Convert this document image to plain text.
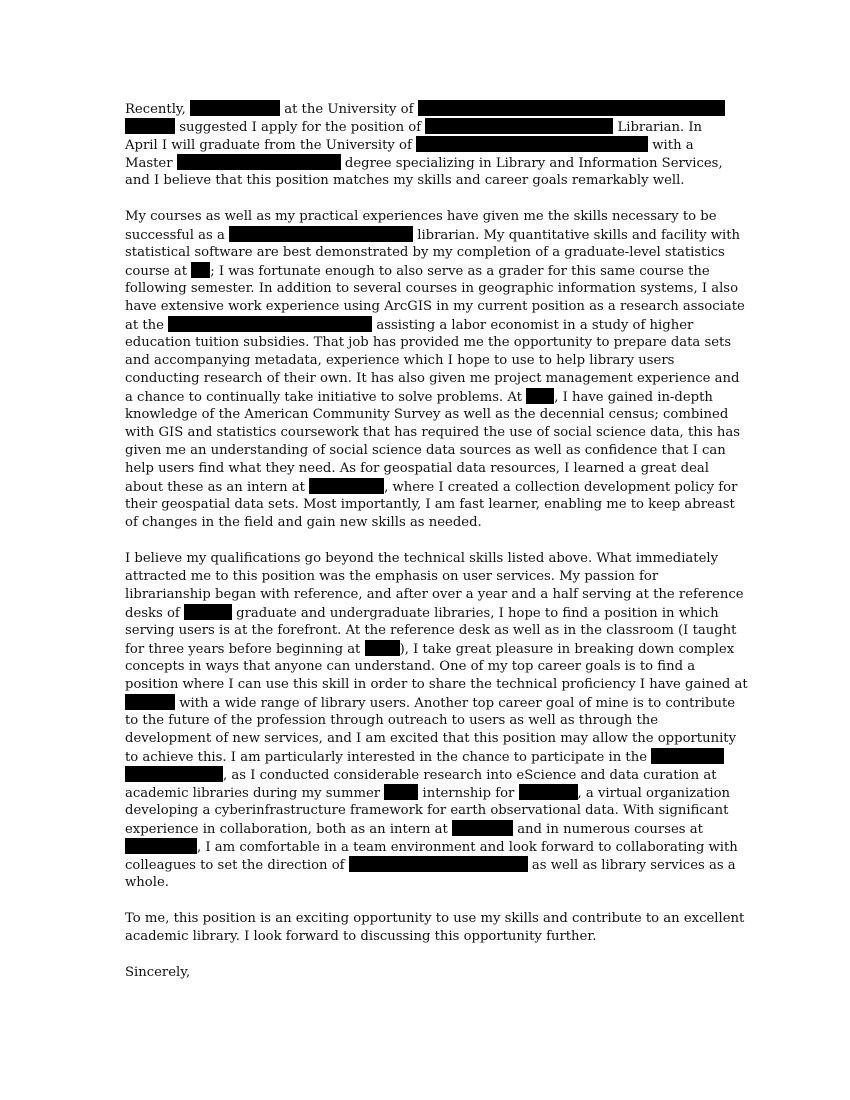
Recently,	at the University of
suggested I apply for the position of	Librarian. In
April I will graduate from the University of	with a
Master	degree specializing in Library and Information Services,
and I believe that this position matches my skills and career goals remarkably well.
My courses as well as my practical experiences have given me the skills necessary to be
successful as a	librarian. My quantitative skills and facility with
statistical software are best demonstrated by my completion of a graduate-level statistics
course at ; I was fortunate enough to also serve as a grader for this same course the
following semester. In addition to several courses in geographic information systems, I also
have extensive work experience using ArcGIS in my current position as a research associate
at the	assisting a labor economist in a study of higher
education tuition subsidies. That job has provided me the opportunity to prepare data sets
and accompanying metadata, experience which I hope to use to help library users
conducting research of their own. It has also given me project management experience and
a chance to continually take initiative to solve problems. At , I have gained in-depth
knowledge of the American Community Survey as well as the decennial census; combined
with GIS and statistics coursework that has required the use of social science data, this has
given me an understanding of social science data sources as well as confidence that I can
help users find what they need. As for geospatial data resources, I learned a great deal
about these as an intern at	, where I created a collection development policy for
their geospatial data sets. Most importantly, I am fast learner, enabling me to keep abreast
of changes in the field and gain new skills as needed.
I believe my qualifications go beyond the technical skills listed above. What immediately
attracted me to this position was the emphasis on user services. My passion for
librarianship began with reference, and after over a year and a half serving at the reference
desks of	graduate and undergraduate libraries, I hope to find a position in which
serving users is at the forefront. At the reference desk as well as in the classroom (I taught
for three years before beginning at	), I take great pleasure in breaking down complex
concepts in ways that anyone can understand. One of my top career goals is to find a
position where I can use this skill in order to share the technical proficiency I have gained at
with a wide range of library users. Another top career goal of mine is to contribute
to the future of the profession through outreach to users as well as through the
development of new services, and I am excited that this position may allow the opportunity
to achieve this. I am particularly interested in the chance to participate in the
, as I conducted considerable research into eScience and data curation at
academic libraries during my summer	internship for	, a virtual organization
developing a cyberinfrastructure framework for earth observational data. With significant
experience in collaboration, both as an intern at	and in numerous courses at
, I am comfortable in a team environment and look forward to collaborating with
colleagues to set the direction of	as well as library services as a
whole.
To me, this position is an exciting opportunity to use my skills and contribute to an excellent
academic library. I look forward to discussing this opportunity further.
Sincerely,
